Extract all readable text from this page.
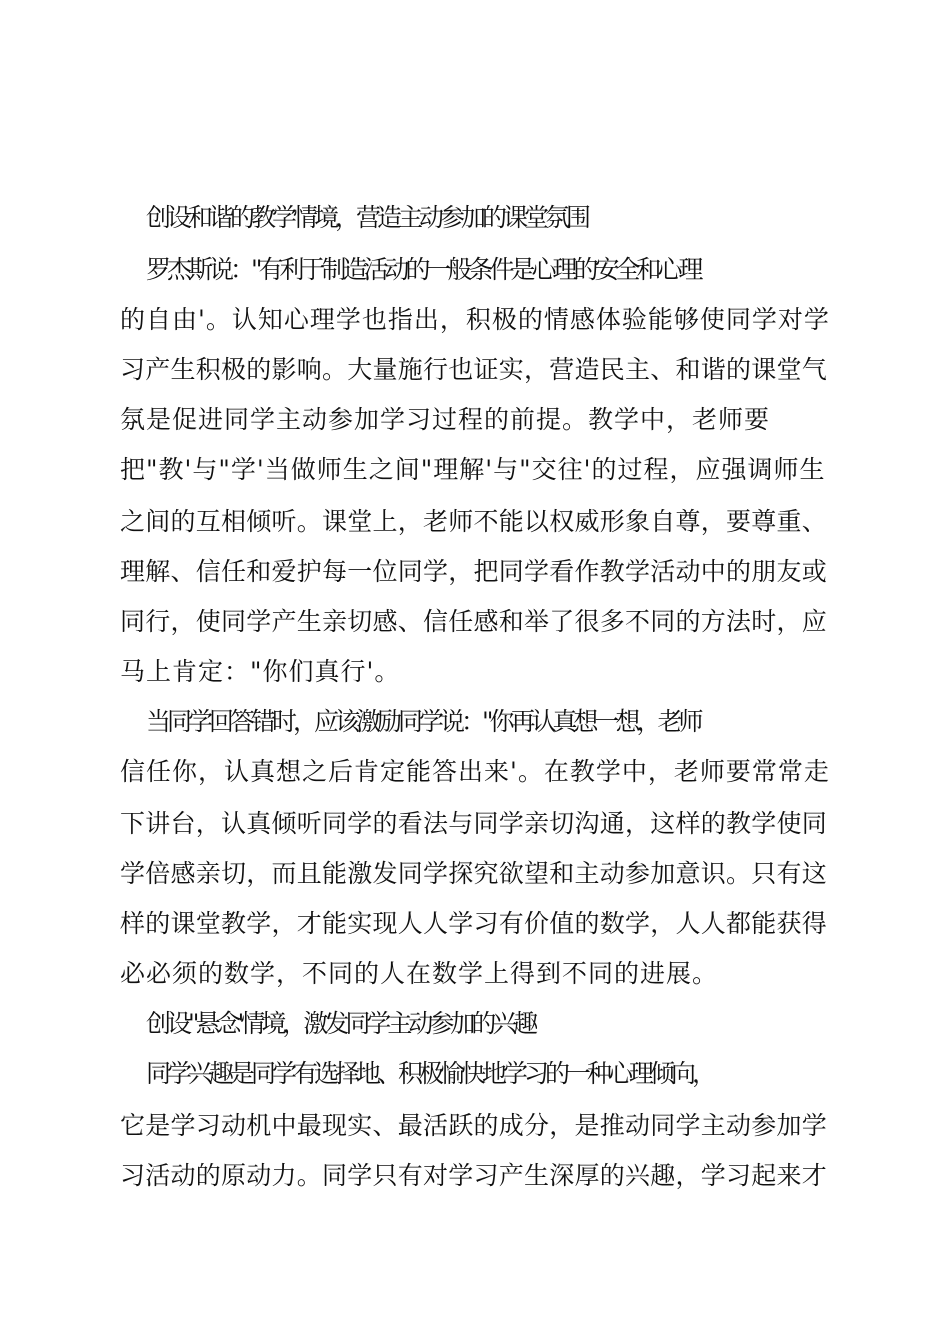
创设和谐的教学情境，营造主动参加的课堂氛围
罗杰斯说："有利于制造活动的一般条件是心理的安全和心理
的自由'。认知心理学也指出，积极的情感体验能够使同学对学
习产生积极的影响。大量施行也证实，营造民主、和谐的课堂气
氛是促进同学主动参加学习过程的前提。教学中，老师要
把"教'与"学'当做师生之间"理解'与"交往'的过程，应强调师生
之间的互相倾听。课堂上，老师不能以权威形象自尊，要尊重、
理解、信任和爱护每一位同学，把同学看作教学活动中的朋友或
同行，使同学产生亲切感、信任感和举了很多不同的方法时，应
马上肯定："你们真行'。
当同学回答错时，应该激励同学说："你再认真想一想，老师
信任你，认真想之后肯定能答出来'。在教学中，老师要常常走
下讲台，认真倾听同学的看法与同学亲切沟通，这样的教学使同
学倍感亲切，而且能激发同学探究欲望和主动参加意识。只有这
样的课堂教学，才能实现人人学习有价值的数学，人人都能获得
必必须的数学，不同的人在数学上得到不同的进展。
创设"悬念'情境，激发同学主动参加的兴趣
同学兴趣是同学有选择地、积极愉快地学习的一种心理倾向，
它是学习动机中最现实、最活跃的成分，是推动同学主动参加学
习活动的原动力。同学只有对学习产生深厚的兴趣，学习起来才
